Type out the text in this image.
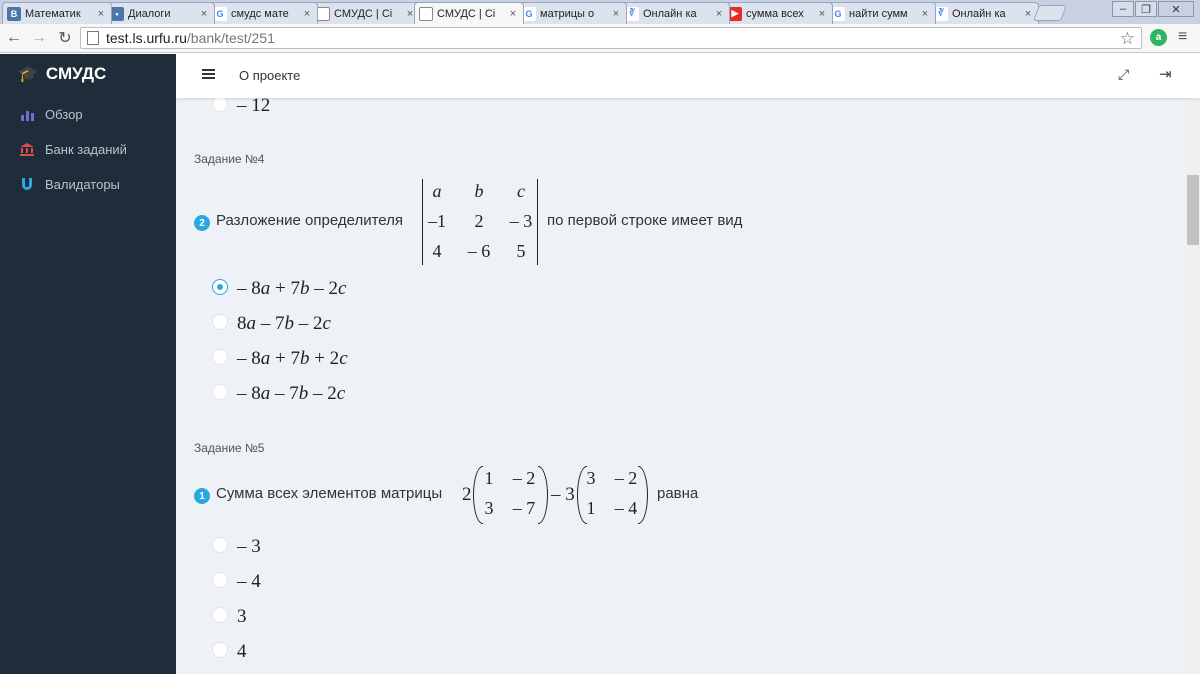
∛ Онлайн ка	×
G найти сумм	×
▶ сумма всех	×
∛ Онлайн ка	×
G матрицы о	×
СМУДС | Сі	×
СМУДС | Сі	×
G смудс мате	×
▪ Диалоги	×
B Математик	×	–	❐	✕
← → ↻ test.ls.urfu.ru /bank/test/251	☆	a	≡
🎓 СМУДС
Обзор
Банк заданий
Валидаторы
О проекте	⤢ ⇥
– 12
Задание №4
2 Разложение определителя
a	b	c
–1	2	– 3
4	– 6	5
по первой строке имеет вид
– 8a + 7b – 2c
8a – 7b – 2c
– 8a + 7b + 2c
– 8a – 7b – 2c
Задание №5
1 Сумма всех элементов матрицы 2
1	– 2
3	– 7
– 3
3	– 2
1	– 4
равна
– 3
– 4
3
4
